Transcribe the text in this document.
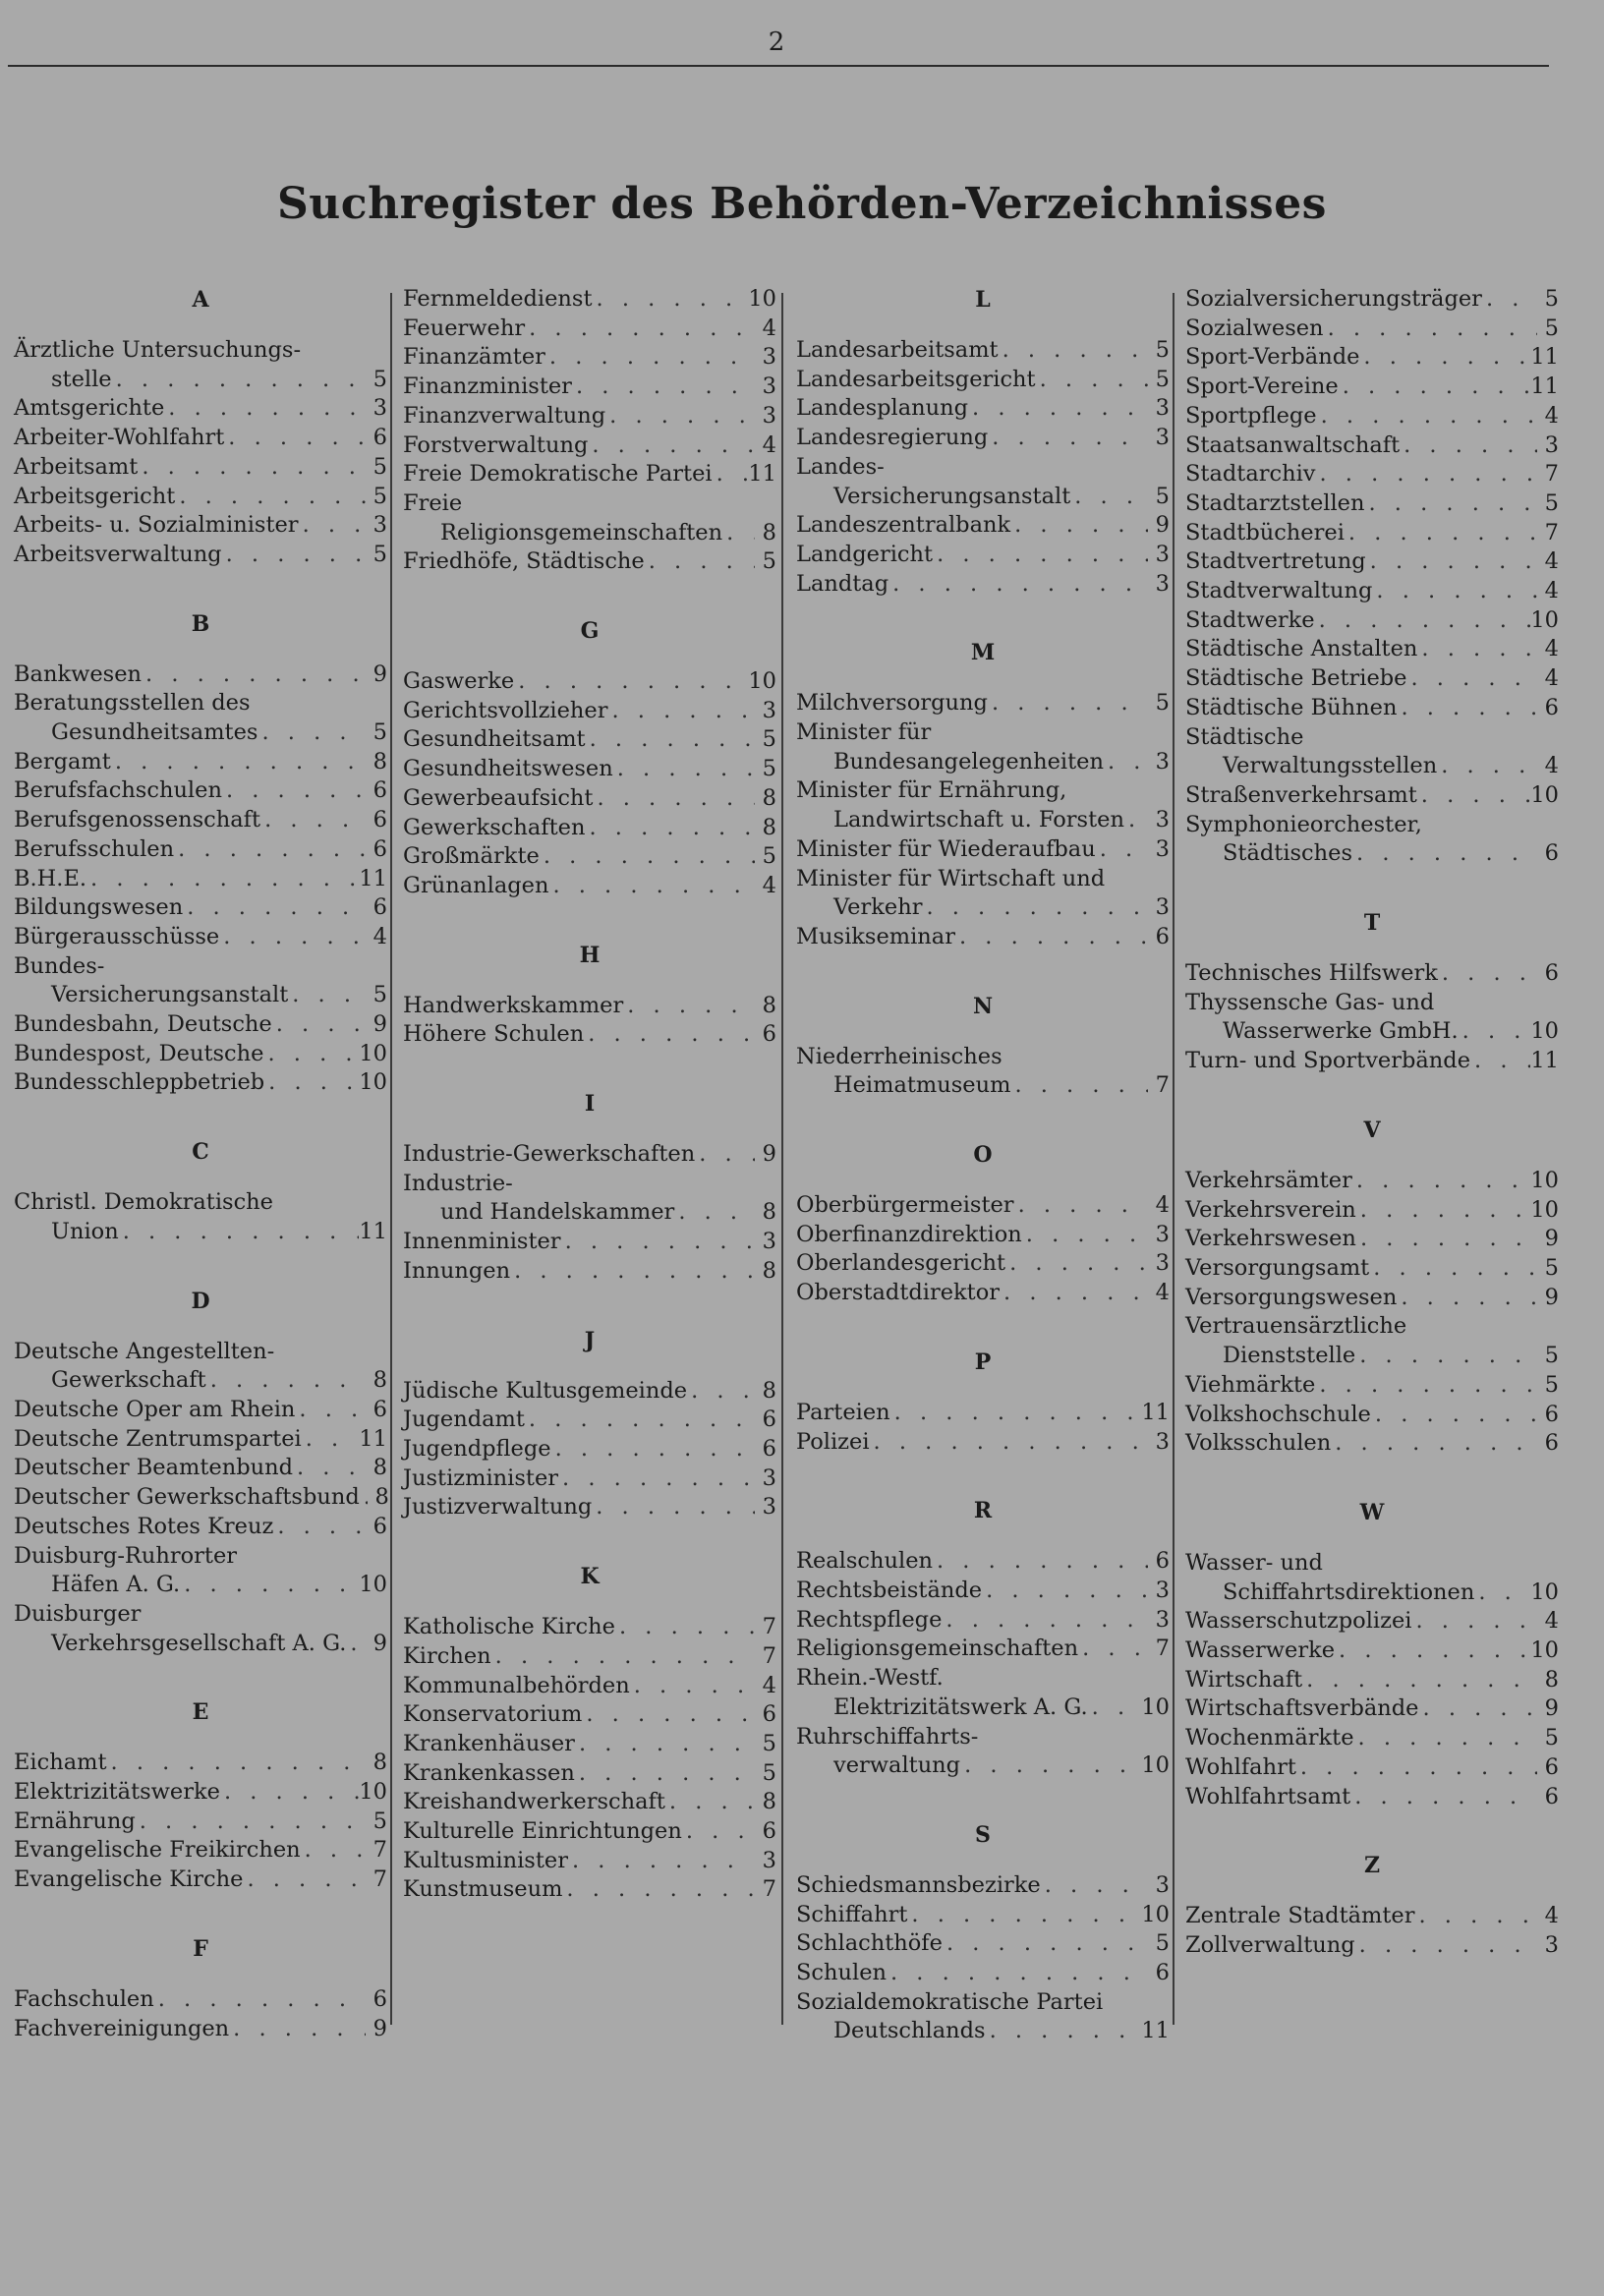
2
Suchregister des Behörden-Verzeichnisses
A
Ärztliche Untersuchungs-
stelle . . .	5
Amtsgerichte . . .	3
Arbeiter-Wohlfahrt . . .	6
Arbeitsamt . . .	5
Arbeitsgericht . . .	5
Arbeits- u. Sozialminister . . .	3
Arbeitsverwaltung . . .	5
B
Bankwesen . . .	9
Beratungsstellen des
Gesundheitsamtes . . .	5
Bergamt . . .	8
Berufsfachschulen . . .	6
Berufsgenossenschaft . . .	6
Berufsschulen . . .	6
B.H.E. . . .	11
Bildungswesen . . .	6
Bürgerausschüsse . . .	4
Bundes-
Versicherungsanstalt . . .	5
Bundesbahn, Deutsche . . .	9
Bundespost, Deutsche . . .	10
Bundesschleppbetrieb . . .	10
C
Christl. Demokratische
Union . . .	11
D
Deutsche Angestellten-
Gewerkschaft . . .	8
Deutsche Oper am Rhein . . .	6
Deutsche Zentrumspartei . . .	11
Deutscher Beamtenbund . . .	8
Deutscher Gewerkschaftsbund . . . 8
Deutsches Rotes Kreuz . . .	6
Duisburg-Ruhrorter
Häfen A. G. . . .	10
Duisburger
Verkehrsgesellschaft A. G. . . .	9
E
Eichamt . . .	8
Elektrizitätswerke . . .	10
Ernährung . . .	5
Evangelische Freikirchen . . .	7
Evangelische Kirche . . .	7
F
Fachschulen . . .	6
Fachvereinigungen . . .	9
Fernmeldedienst . . .	10
Feuerwehr . . .	4
Finanzämter . . .	3
Finanzminister . . .	3
Finanzverwaltung . . .	3
Forstverwaltung . . .	4
Freie Demokratische Partei . . . 11
Freie
Religionsgemeinschaften . . .	8
Friedhöfe, Städtische . . .	5
G
Gaswerke . . .	10
Gerichtsvollzieher . . .	3
Gesundheitsamt . . .	5
Gesundheitswesen . . .	5
Gewerbeaufsicht . . .	8
Gewerkschaften . . .	8
Großmärkte . . .	5
Grünanlagen . . .	4
H
Handwerkskammer . . .	8
Höhere Schulen . . .	6
I
Industrie-Gewerkschaften . . .	9
Industrie-
und Handelskammer . . .	8
Innenminister . . .	3
Innungen . . .	8
J
Jüdische Kultusgemeinde . . .	8
Jugendamt . . .	6
Jugendpflege . . .	6
Justizminister . . .	3
Justizverwaltung . . .	3
K
Katholische Kirche . . .	7
Kirchen . . .	7
Kommunalbehörden . . .	4
Konservatorium . . .	6
Krankenhäuser . . .	5
Krankenkassen . . .	5
Kreishandwerkerschaft . . .	8
Kulturelle Einrichtungen . . .	6
Kultusminister . . .	3
Kunstmuseum . . .	7
L
Landesarbeitsamt . . .	5
Landesarbeitsgericht . . .	5
Landesplanung . . .	3
Landesregierung . . .	3
Landes-
Versicherungsanstalt . . .	5
Landeszentralbank . . .	9
Landgericht . . .	3
Landtag . . .	3
M
Milchversorgung . . .	5
Minister für
Bundesangelegenheiten . . .	3
Minister für Ernährung,
Landwirtschaft u. Forsten . . .	3
Minister für Wiederaufbau . . .	3
Minister für Wirtschaft und
Verkehr . . .	3
Musikseminar . . .	6
N
Niederrheinisches
Heimatmuseum . . .	7
O
Oberbürgermeister . . .	4
Oberfinanzdirektion . . .	3
Oberlandesgericht . . .	3
Oberstadtdirektor . . .	4
P
Parteien . . .	11
Polizei . . .	3
R
Realschulen . . .	6
Rechtsbeistände . . .	3
Rechtspflege . . .	3
Religionsgemeinschaften . . .	7
Rhein.-Westf.
Elektrizitätswerk A. G. . . . 10
Ruhrschiffahrts-
verwaltung . . .	10
S
Schiedsmannsbezirke . . .	3
Schiffahrt . . .	10
Schlachthöfe . . .	5
Schulen . . .	6
Sozialdemokratische Partei
Deutschlands . . .	11
Sozialversicherungsträger . . .	5
Sozialwesen . . .	5
Sport-Verbände . . .	11
Sport-Vereine . . .	11
Sportpflege . . .	4
Staatsanwaltschaft . . .	3
Stadtarchiv . . .	7
Stadtarztstellen . . .	5
Stadtbücherei . . .	7
Stadtvertretung . . .	4
Stadtverwaltung . . .	4
Stadtwerke . . .	10
Städtische Anstalten . . .	4
Städtische Betriebe . . .	4
Städtische Bühnen . . .	6
Städtische
Verwaltungsstellen . . .	4
Straßenverkehrsamt . . .	10
Symphonieorchester,
Städtisches . . .	6
T
Technisches Hilfswerk . . .	6
Thyssensche Gas- und
Wasserwerke GmbH. . . .	10
Turn- und Sportverbände . . .	11
V
Verkehrsämter . . .	10
Verkehrsverein . . .	10
Verkehrswesen . . .	9
Versorgungsamt . . .	5
Versorgungswesen . . .	9
Vertrauensärztliche
Dienststelle . . .	5
Viehmärkte . . .	5
Volkshochschule . . .	6
Volksschulen . . .	6
W
Wasser- und
Schiffahrtsdirektionen . . .	10
Wasserschutzpolizei . . .	4
Wasserwerke . . .	10
Wirtschaft . . .	8
Wirtschaftsverbände . . .	9
Wochenmärkte . . .	5
Wohlfahrt . . .	6
Wohlfahrtsamt . . .	6
Z
Zentrale Stadtämter . . .	4
Zollverwaltung . . .	3
